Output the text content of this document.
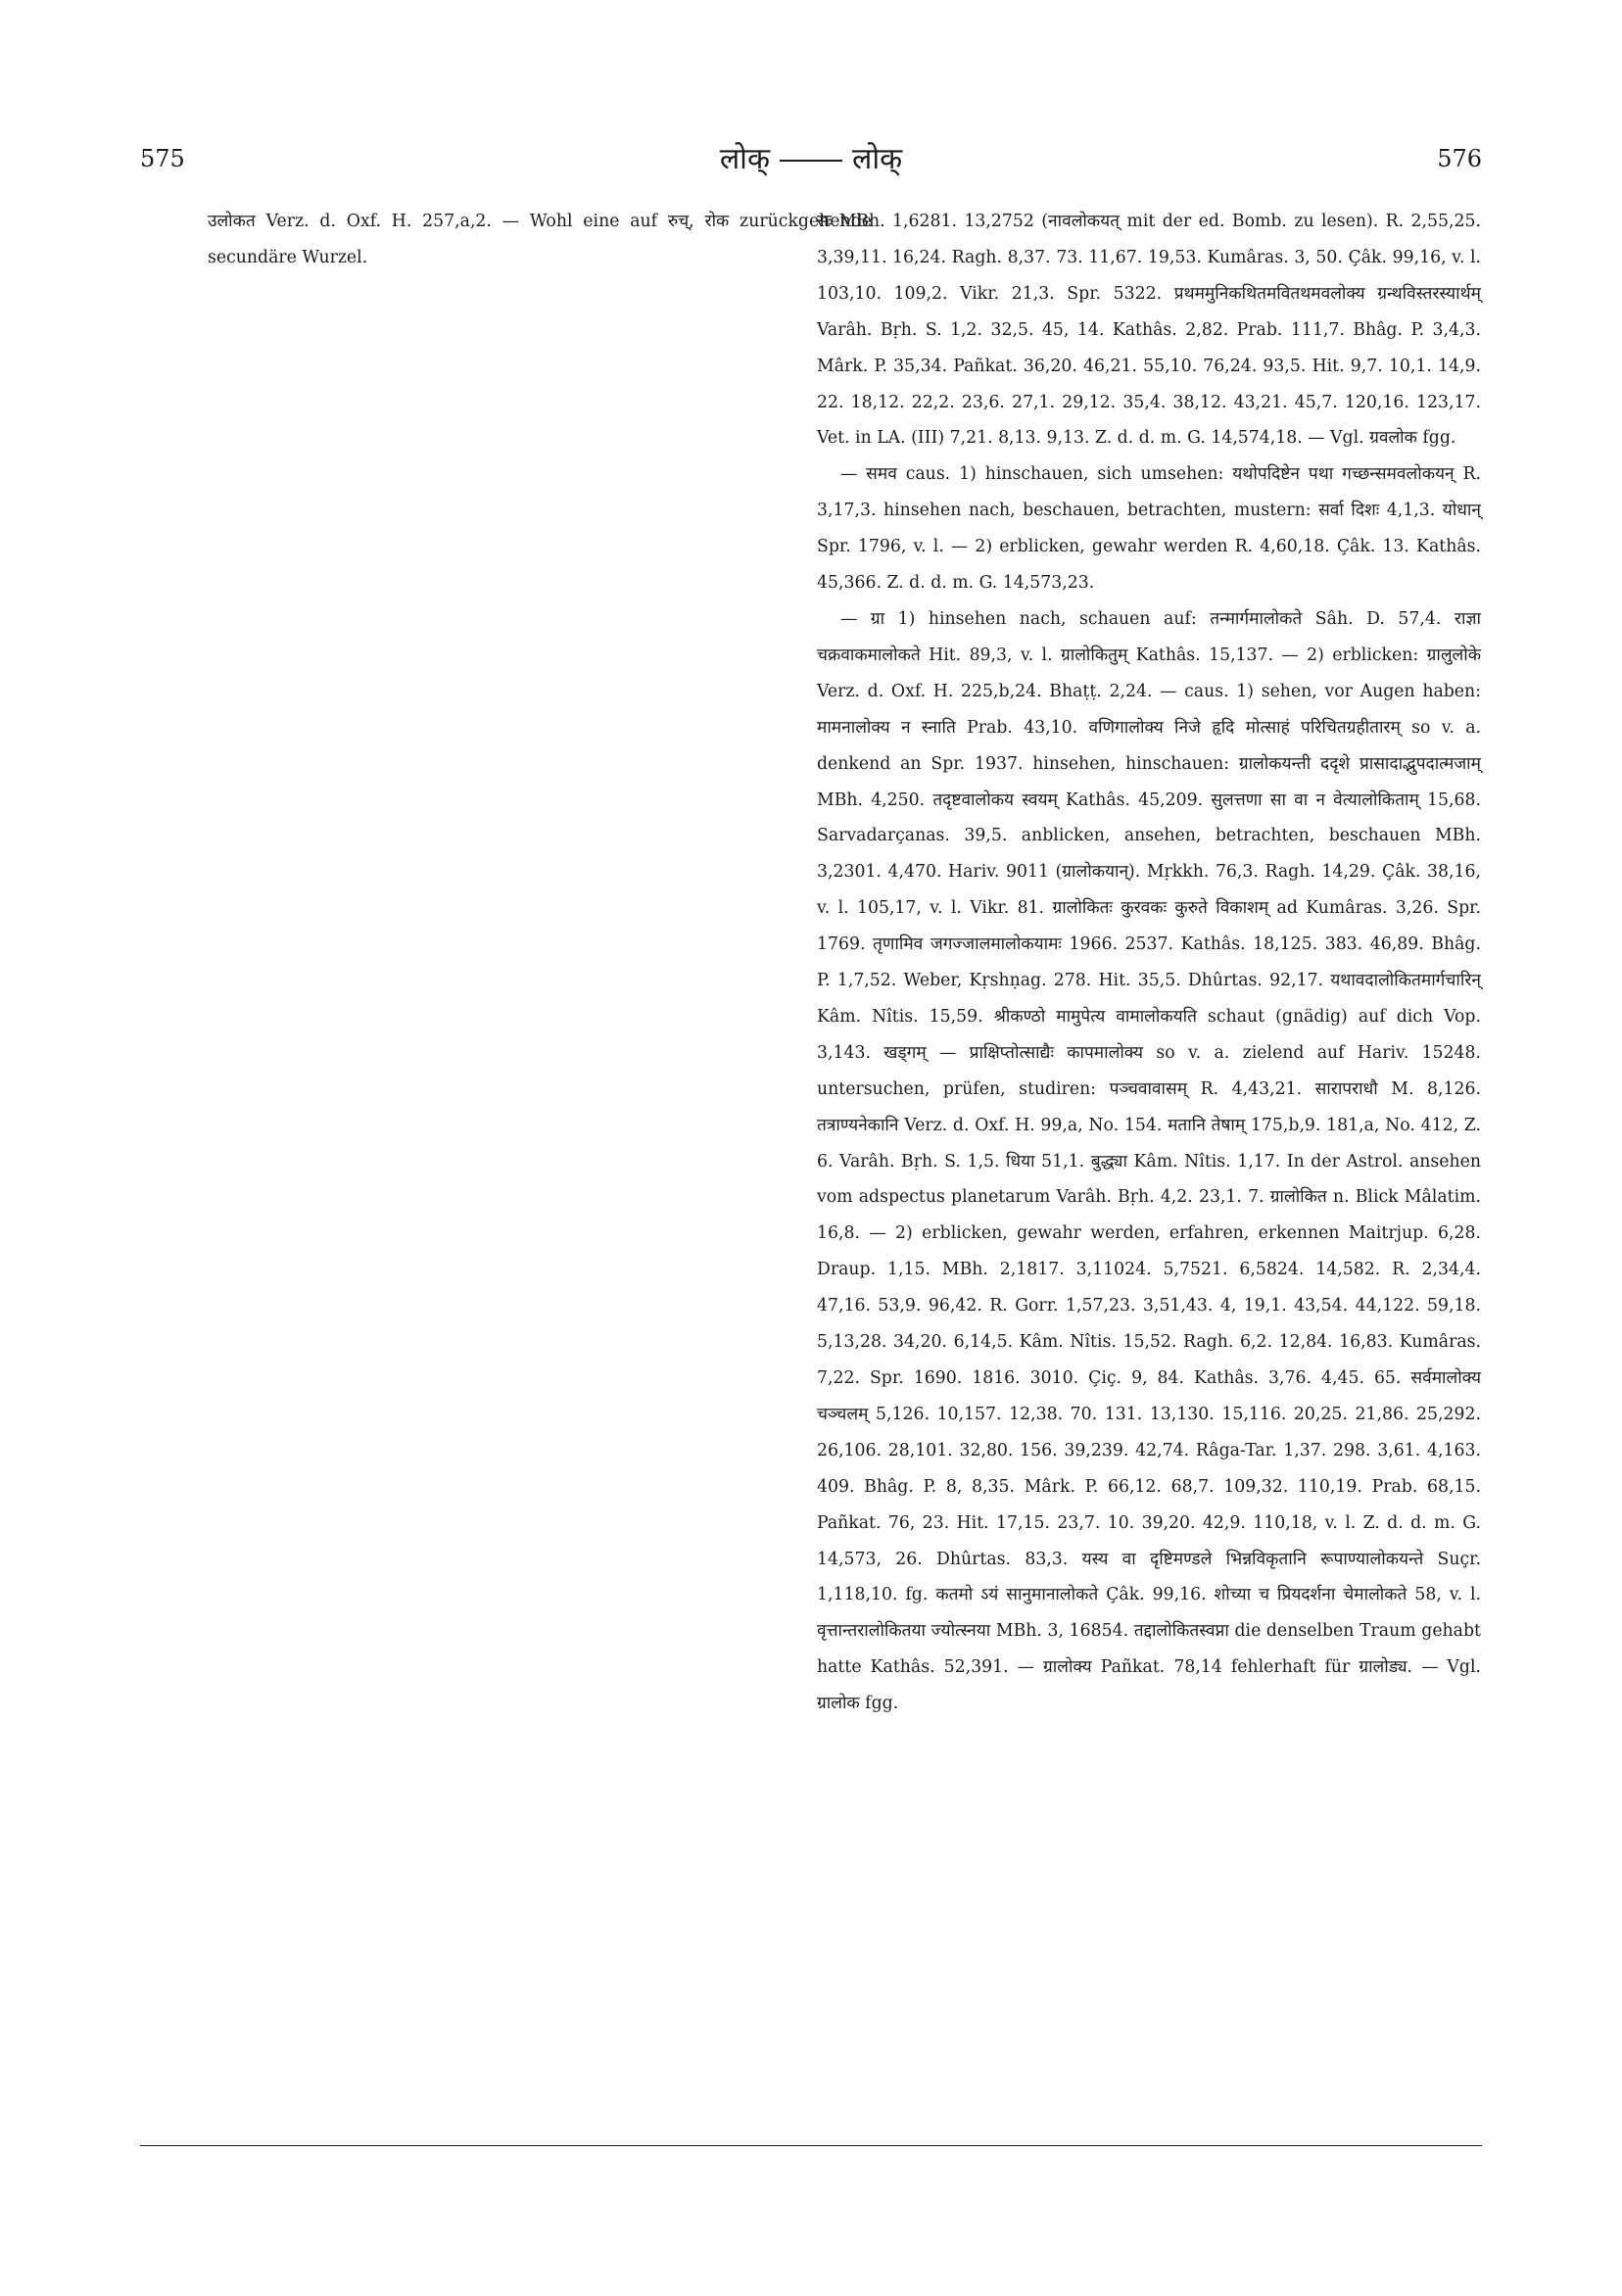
575	लोक्	लोक्	576

उलोकत Verz. d. Oxf. H. 257,a,2. — Wohl eine auf रुच्, रोक zurückgehende secundäre Wurzel.

सः MBh. 1,6281. 13,2752 (नावलोकयत् mit der ed. Bomb. zu lesen). R. 2,55,25. 3,39,11. 16,24. Ragh. 8,37. 73. 11,67. 19,53. Kumâras. 3, 50. Çâk. 99,16, v. l. 103,10. 109,2. Vikr. 21,3. Spr. 5322. प्रथममुनिकथितमवितथमवलोक्य ग्रन्थविस्तरस्यार्थम् Varâh. Bṛh. S. 1,2. 32,5. 45, 14. Kathâs. 2,82. Prab. 111,7. Bhâg. P. 3,4,3. Mârk. P. 35,34. Pañkat. 36,20. 46,21. 55,10. 76,24. 93,5. Hit. 9,7. 10,1. 14,9. 22. 18,12. 22,2. 23,6. 27,1. 29,12. 35,4. 38,12. 43,21. 45,7. 120,16. 123,17. Vet. in LA. (III) 7,21. 8,13. 9,13. Z. d. d. m. G. 14,574,18. — Vgl. ग्रवलोक fgg.

— समव caus. 1) hinschauen, sich umsehen: यथोपदिष्टेन पथा गच्छन्समवलोकयन् R. 3,17,3. hinsehen nach, beschauen, betrachten, mustern: सर्वा दिशः 4,1,3. योधान् Spr. 1796, v. l. — 2) erblicken, gewahr werden R. 4,60,18. Çâk. 13. Kathâs. 45,366. Z. d. d. m. G. 14,573,23.

— ग्रा 1) hinsehen nach, schauen auf: तन्मार्गमालोकते Sâh. D. 57,4. राज्ञा चक्रवाकमालोकते Hit. 89,3, v. l. ग्रालोकितुम् Kathâs. 15,137. — 2) erblicken: ग्रालुलोके Verz. d. Oxf. H. 225,b,24. Bhaṭṭ. 2,24. — caus. 1) sehen, vor Augen haben: मामनालोक्य न स्नाति Prab. 43,10. वणिगालोक्य निजे हृदि मोत्साहं परिचितग्रहीतारम् so v. a. denkend an Spr. 1937. hinsehen, hinschauen: ग्रालोकयन्ती ददृशे प्रासादाद्भुपदात्मजाम् MBh. 4,250. तदृष्टवालोकय स्वयम् Kathâs. 45,209. सुलत्तणा सा वा न वेत्यालोकिताम् 15,68. Sarvadarçanas. 39,5. anblicken, ansehen, betrachten, beschauen MBh. 3,2301. 4,470. Hariv. 9011 (ग्रालोकयान्). Mṛkkh. 76,3. Ragh. 14,29. Çâk. 38,16, v. l. 105,17, v. l. Vikr. 81. ग्रालोकितः कुरवकः कुरुते विकाशम् ad Kumâras. 3,26. Spr. 1769. तृणामिव जगज्जालमालोकयामः 1966. 2537. Kathâs. 18,125. 383. 46,89. Bhâg. P. 1,7,52. Weber, Kṛshṇag. 278. Hit. 35,5. Dhûrtas. 92,17. यथावदालोकितमार्गचारिन् Kâm. Nîtis. 15,59. श्रीकण्ठो मामुपेत्य वामालोकयति schaut (gnädig) auf dich Vop. 3,143. खड्गम् — प्राक्षिप्तोत्साद्यैः कापमालोक्य so v. a. zielend auf Hariv. 15248. untersuchen, prüfen, studiren: पञ्चवावासम् R. 4,43,21. सारापराधौ M. 8,126. तत्राण्यनेकानि Verz. d. Oxf. H. 99,a, No. 154. मतानि तेषाम् 175,b,9. 181,a, No. 412, Z. 6. Varâh. Bṛh. S. 1,5. धिया 51,1. बुद्ध्या Kâm. Nîtis. 1,17. In der Astrol. ansehen vom adspectus planetarum Varâh. Bṛh. 4,2. 23,1. 7. ग्रालोकित n. Blick Mâlatim. 16,8. — 2) erblicken, gewahr werden, erfahren, erkennen Maitrjup. 6,28. Draup. 1,15. MBh. 2,1817. 3,11024. 5,7521. 6,5824. 14,582. R. 2,34,4. 47,16. 53,9. 96,42. R. Gorr. 1,57,23. 3,51,43. 4, 19,1. 43,54. 44,122. 59,18. 5,13,28. 34,20. 6,14,5. Kâm. Nîtis. 15,52. Ragh. 6,2. 12,84. 16,83. Kumâras. 7,22. Spr. 1690. 1816. 3010. Çiç. 9, 84. Kathâs. 3,76. 4,45. 65. सर्वमालोक्य चञ्चलम् 5,126. 10,157. 12,38. 70. 131. 13,130. 15,116. 20,25. 21,86. 25,292. 26,106. 28,101. 32,80. 156. 39,239. 42,74. Râga-Tar. 1,37. 298. 3,61. 4,163. 409. Bhâg. P. 8, 8,35. Mârk. P. 66,12. 68,7. 109,32. 110,19. Prab. 68,15. Pañkat. 76, 23. Hit. 17,15. 23,7. 10. 39,20. 42,9. 110,18, v. l. Z. d. d. m. G. 14,573, 26. Dhûrtas. 83,3. यस्य वा दृष्टिमण्डले भिन्नविकृतानि रूपाण्यालोकयन्ते Suçr. 1,118,10. fg. कतमो ऽयं सानुमानालोकते Çâk. 99,16. शोच्या च प्रियदर्शना चेमालोकते 58, v. l. वृत्तान्तरालोकितया ज्योत्स्नया MBh. 3, 16854. तद्दालोकितस्वप्ना die denselben Traum gehabt hatte Kathâs. 52,391. — ग्रालोक्य Pañkat. 78,14 fehlerhaft für ग्रालोड्य. — Vgl. ग्रालोक fgg.
